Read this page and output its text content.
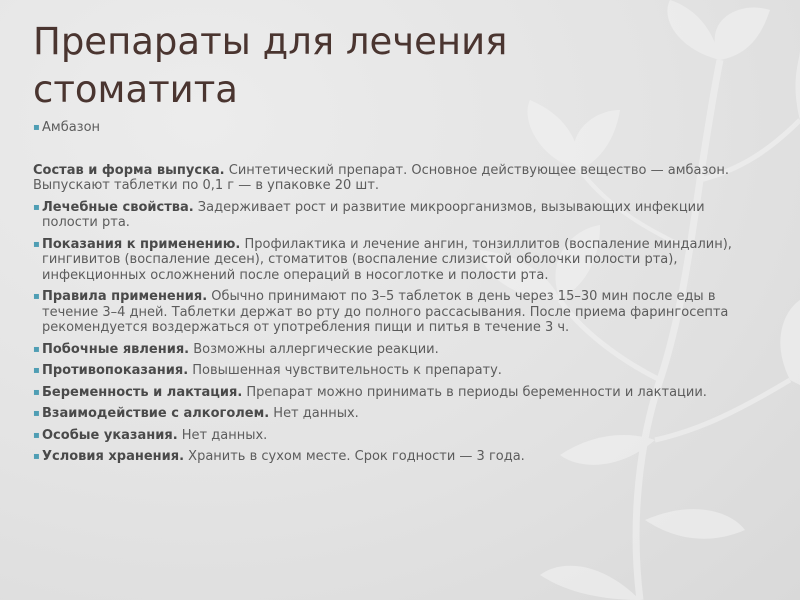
Препараты для лечения стоматита
▪ Амбазон
Состав и форма выпуска. Синтетический препарат. Основное действующее вещество — амбазон. Выпускают таблетки по 0,1 г — в упаковке 20 шт.
▪ Лечебные свойства. Задерживает рост и развитие микроорганизмов, вызывающих инфекции полости рта.
▪ Показания к применению. Профилактика и лечение ангин, тонзиллитов (воспаление миндалин), гингивитов (воспаление десен), стоматитов (воспаление слизистой оболочки полости рта), инфекционных осложнений после операций в носоглотке и полости рта.
▪ Правила применения. Обычно принимают по 3–5 таблеток в день через 15–30 мин после еды в течение 3–4 дней. Таблетки держат во рту до полного рассасывания. После приема фарингосепта рекомендуется воздержаться от употребления пищи и питья в течение 3 ч.
▪ Побочные явления. Возможны аллергические реакции.
▪ Противопоказания. Повышенная чувствительность к препарату.
▪ Беременность и лактация. Препарат можно принимать в периоды беременности и лактации.
▪ Взаимодействие с алкоголем. Нет данных.
▪ Особые указания. Нет данных.
▪ Условия хранения. Хранить в сухом месте. Срок годности — 3 года.
